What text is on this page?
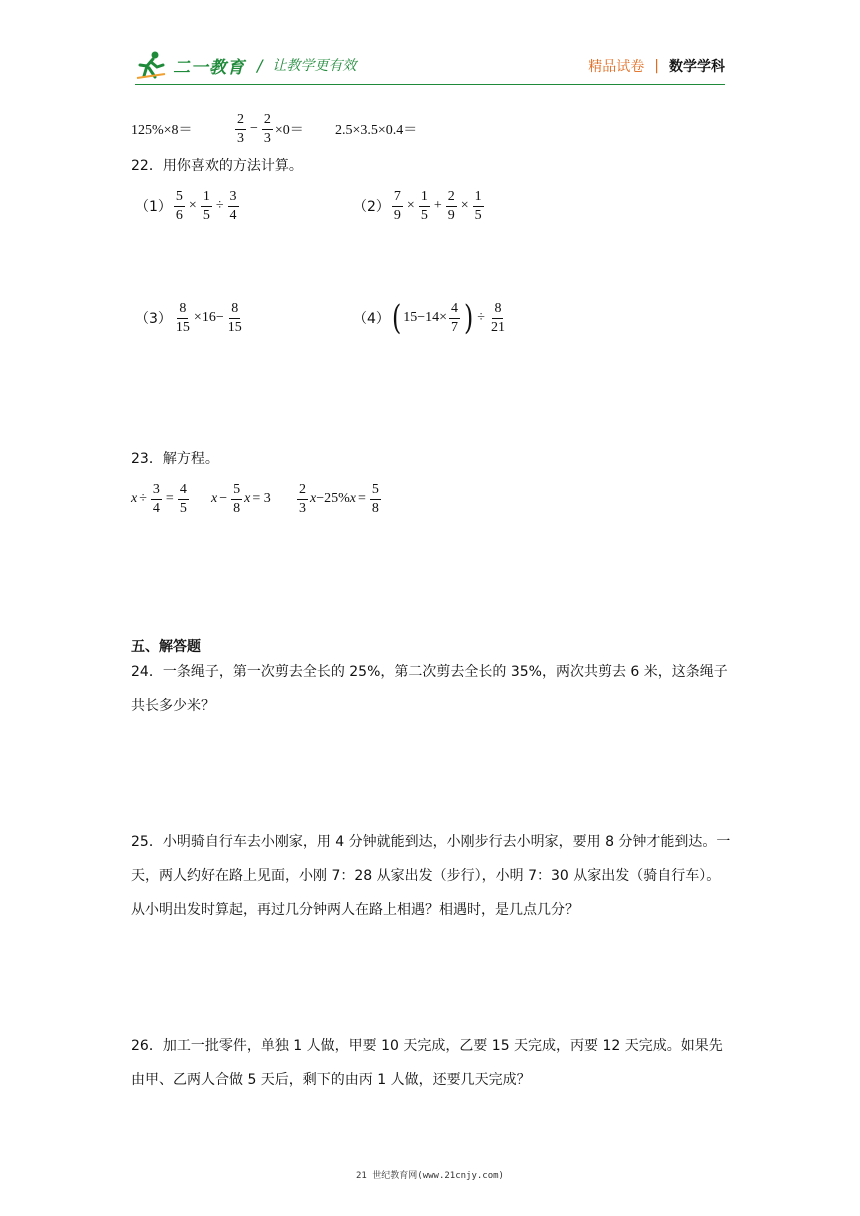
二一教育 / 让教学更有效	精品试卷 | 数学学科
125%×8＝	$\frac{2}{3} - \frac{2}{3} \times 0= 2.5\times 3.5\times 0.4=$
22．用你喜欢的方法计算。
$(1) \frac{5}{6} \times \frac{1}{5} \div \frac{3}{4}$	$(2) \frac{7}{9} \times \frac{1}{5} + \frac{2}{9} \times \frac{1}{5}$
$(3) \frac{8}{15} \times 16- \frac{8}{15}$	（4） ( $15-14\times \frac{4}{7}$ ) ÷ $\frac{8}{21}$
23．解方程。
$x \div \frac{3}{4} = \frac{4}{5}$ $x - \frac{5}{8}$ $x = 3 \frac{2}{3}$ x −25% $x = \frac{5}{8}$
五、解答题
24．一条绳子，第一次剪去全长的 25%，第二次剪去全长的 35%，两次共剪去 6 米，这条绳子共长多少米？
25．小明骑自行车去小刚家，用 4 分钟就能到达，小刚步行去小明家，要用 8 分钟才能到达。一天，两人约好在路上见面，小刚 7：28 从家出发（步行），小明 7：30 从家出发（骑自行车）。从小明出发时算起，再过几分钟两人在路上相遇？相遇时，是几点几分？
26．加工一批零件，单独 1 人做，甲要 10 天完成，乙要 15 天完成，丙要 12 天完成。如果先由甲、乙两人合做 5 天后，剩下的由丙 1 人做，还要几天完成？
21 世纪教育网(www.21cnjy.com)
